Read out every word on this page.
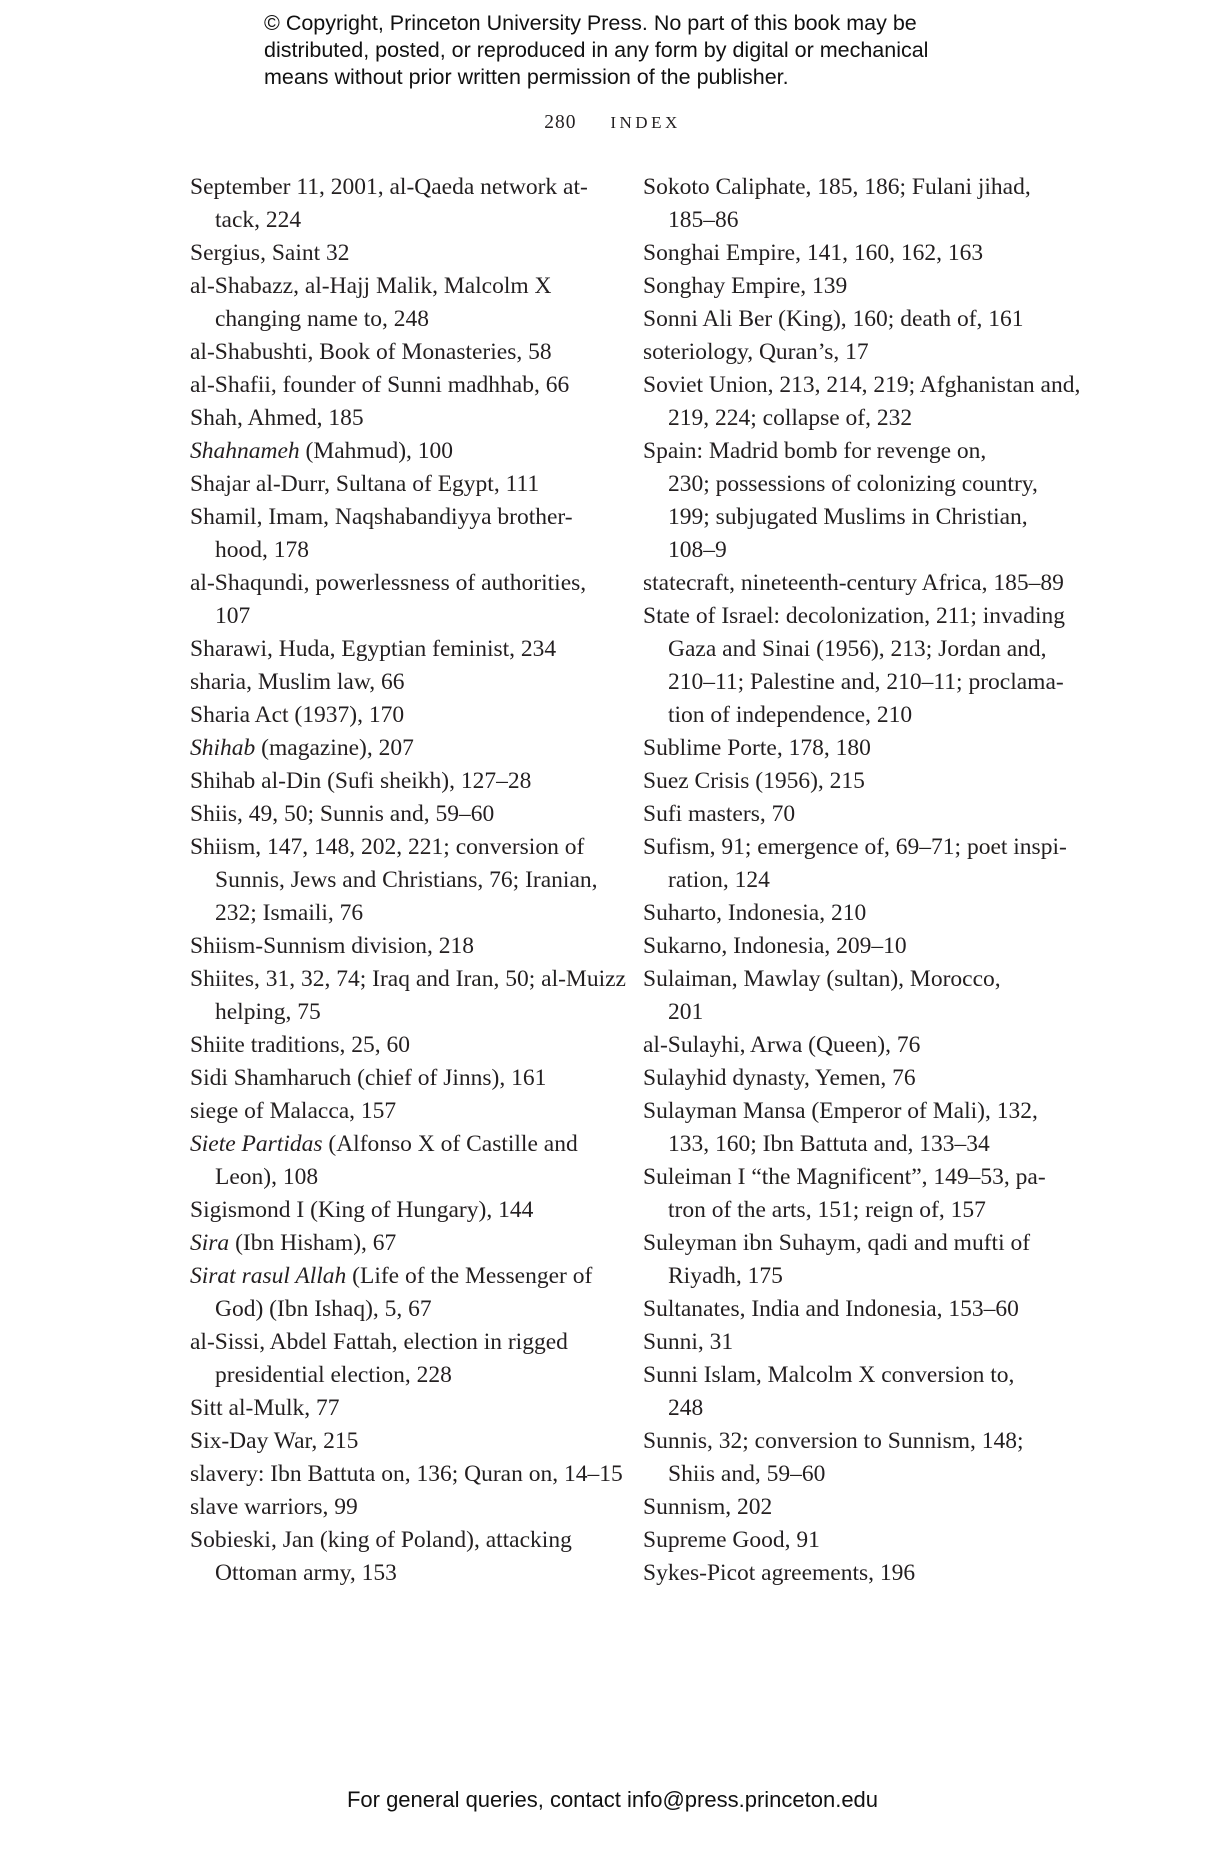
© Copyright, Princeton University Press. No part of this book may be
distributed, posted, or reproduced in any form by digital or mechanical
means without prior written permission of the publisher.
280 INDEX
September 11, 2001, al-Qaeda network at-
tack, 224
Sergius, Saint 32
al-Shabazz, al-Hajj Malik, Malcolm X
changing name to, 248
al-Shabushti, Book of Monasteries, 58
al-Shafii, founder of Sunni madhhab, 66
Shah, Ahmed, 185
Shahnameh (Mahmud), 100
Shajar al-Durr, Sultana of Egypt, 111
Shamil, Imam, Naqshabandiyya brother-
hood, 178
al-Shaqundi, powerlessness of authorities,
107
Sharawi, Huda, Egyptian feminist, 234
sharia, Muslim law, 66
Sharia Act (1937), 170
Shihab (magazine), 207
Shihab al-Din (Sufi sheikh), 127–28
Shiis, 49, 50; Sunnis and, 59–60
Shiism, 147, 148, 202, 221; conversion of
Sunnis, Jews and Christians, 76; Iranian,
232; Ismaili, 76
Shiism-Sunnism division, 218
Shiites, 31, 32, 74; Iraq and Iran, 50; al-Muizz
helping, 75
Shiite traditions, 25, 60
Sidi Shamharuch (chief of Jinns), 161
siege of Malacca, 157
Siete Partidas (Alfonso X of Castille and
Leon), 108
Sigismond I (King of Hungary), 144
Sira (Ibn Hisham), 67
Sirat rasul Allah (Life of the Messenger of
God) (Ibn Ishaq), 5, 67
al-Sissi, Abdel Fattah, election in rigged
presidential election, 228
Sitt al-Mulk, 77
Six-Day War, 215
slavery: Ibn Battuta on, 136; Quran on, 14–15
slave warriors, 99
Sobieski, Jan (king of Poland), attacking
Ottoman army, 153
Sokoto Caliphate, 185, 186; Fulani jihad,
185–86
Songhai Empire, 141, 160, 162, 163
Songhay Empire, 139
Sonni Ali Ber (King), 160; death of, 161
soteriology, Quran’s, 17
Soviet Union, 213, 214, 219; Afghanistan and,
219, 224; collapse of, 232
Spain: Madrid bomb for revenge on,
230; possessions of colonizing country,
199; subjugated Muslims in Christian,
108–9
statecraft, nineteenth-century Africa, 185–89
State of Israel: decolonization, 211; invading
Gaza and Sinai (1956), 213; Jordan and,
210–11; Palestine and, 210–11; proclama-
tion of independence, 210
Sublime Porte, 178, 180
Suez Crisis (1956), 215
Sufi masters, 70
Sufism, 91; emergence of, 69–71; poet inspi-
ration, 124
Suharto, Indonesia, 210
Sukarno, Indonesia, 209–10
Sulaiman, Mawlay (sultan), Morocco,
201
al-Sulayhi, Arwa (Queen), 76
Sulayhid dynasty, Yemen, 76
Sulayman Mansa (Emperor of Mali), 132,
133, 160; Ibn Battuta and, 133–34
Suleiman I “the Magnificent”, 149–53, pa-
tron of the arts, 151; reign of, 157
Suleyman ibn Suhaym, qadi and mufti of
Riyadh, 175
Sultanates, India and Indonesia, 153–60
Sunni, 31
Sunni Islam, Malcolm X conversion to,
248
Sunnis, 32; conversion to Sunnism, 148;
Shiis and, 59–60
Sunnism, 202
Supreme Good, 91
Sykes-Picot agreements, 196
For general queries, contact info@press.princeton.edu
